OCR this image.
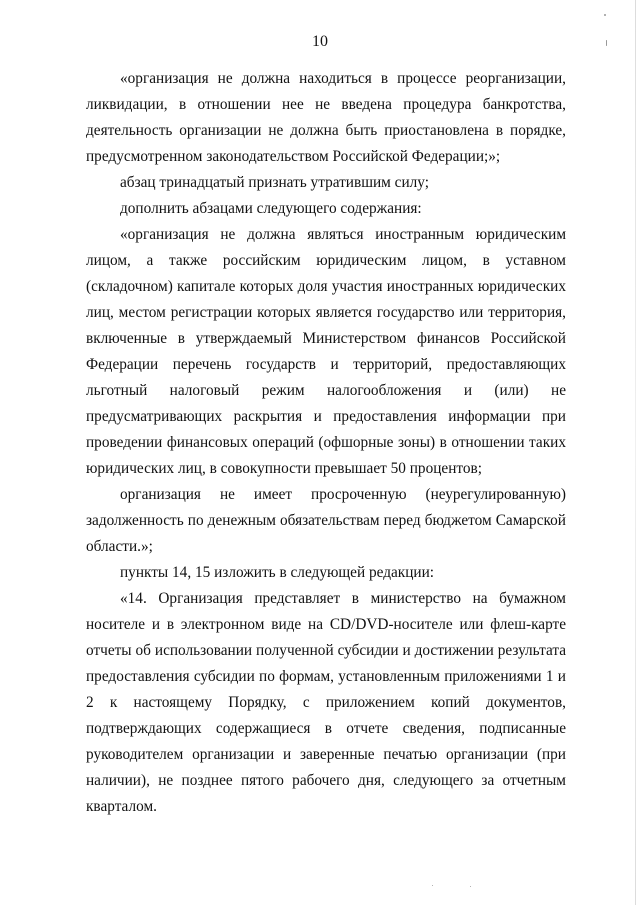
10

«организация не должна находиться в процессе реорганизации, ликвидации, в отношении нее не введена процедура банкротства, деятельность организации не должна быть приостановлена в порядке, предусмотренном законодательством Российской Федерации;»;

абзац тринадцатый признать утратившим силу;

дополнить абзацами следующего содержания:

«организация не должна являться иностранным юридическим лицом, а также российским юридическим лицом, в уставном (складочном) капитале которых доля участия иностранных юридических лиц, местом регистрации которых является государство или территория, включенные в утверждаемый Министерством финансов Российской Федерации перечень государств и территорий, предоставляющих льготный налоговый режим налогообложения и (или) не предусматривающих раскрытия и предоставления информации при проведении финансовых операций (офшорные зоны) в отношении таких юридических лиц, в совокупности превышает 50 процентов;

организация не имеет просроченную (неурегулированную) задолженность по денежным обязательствам перед бюджетом Самарской области.»;

пункты 14, 15 изложить в следующей редакции:

«14. Организация представляет в министерство на бумажном носителе и в электронном виде на CD/DVD-носителе или флеш-карте отчеты об использовании полученной субсидии и достижении результата предоставления субсидии по формам, установленным приложениями 1 и 2 к настоящему Порядку, с приложением копий документов, подтверждающих содержащиеся в отчете сведения, подписанные руководителем организации и заверенные печатью организации (при наличии), не позднее пятого рабочего дня, следующего за отчетным кварталом.
